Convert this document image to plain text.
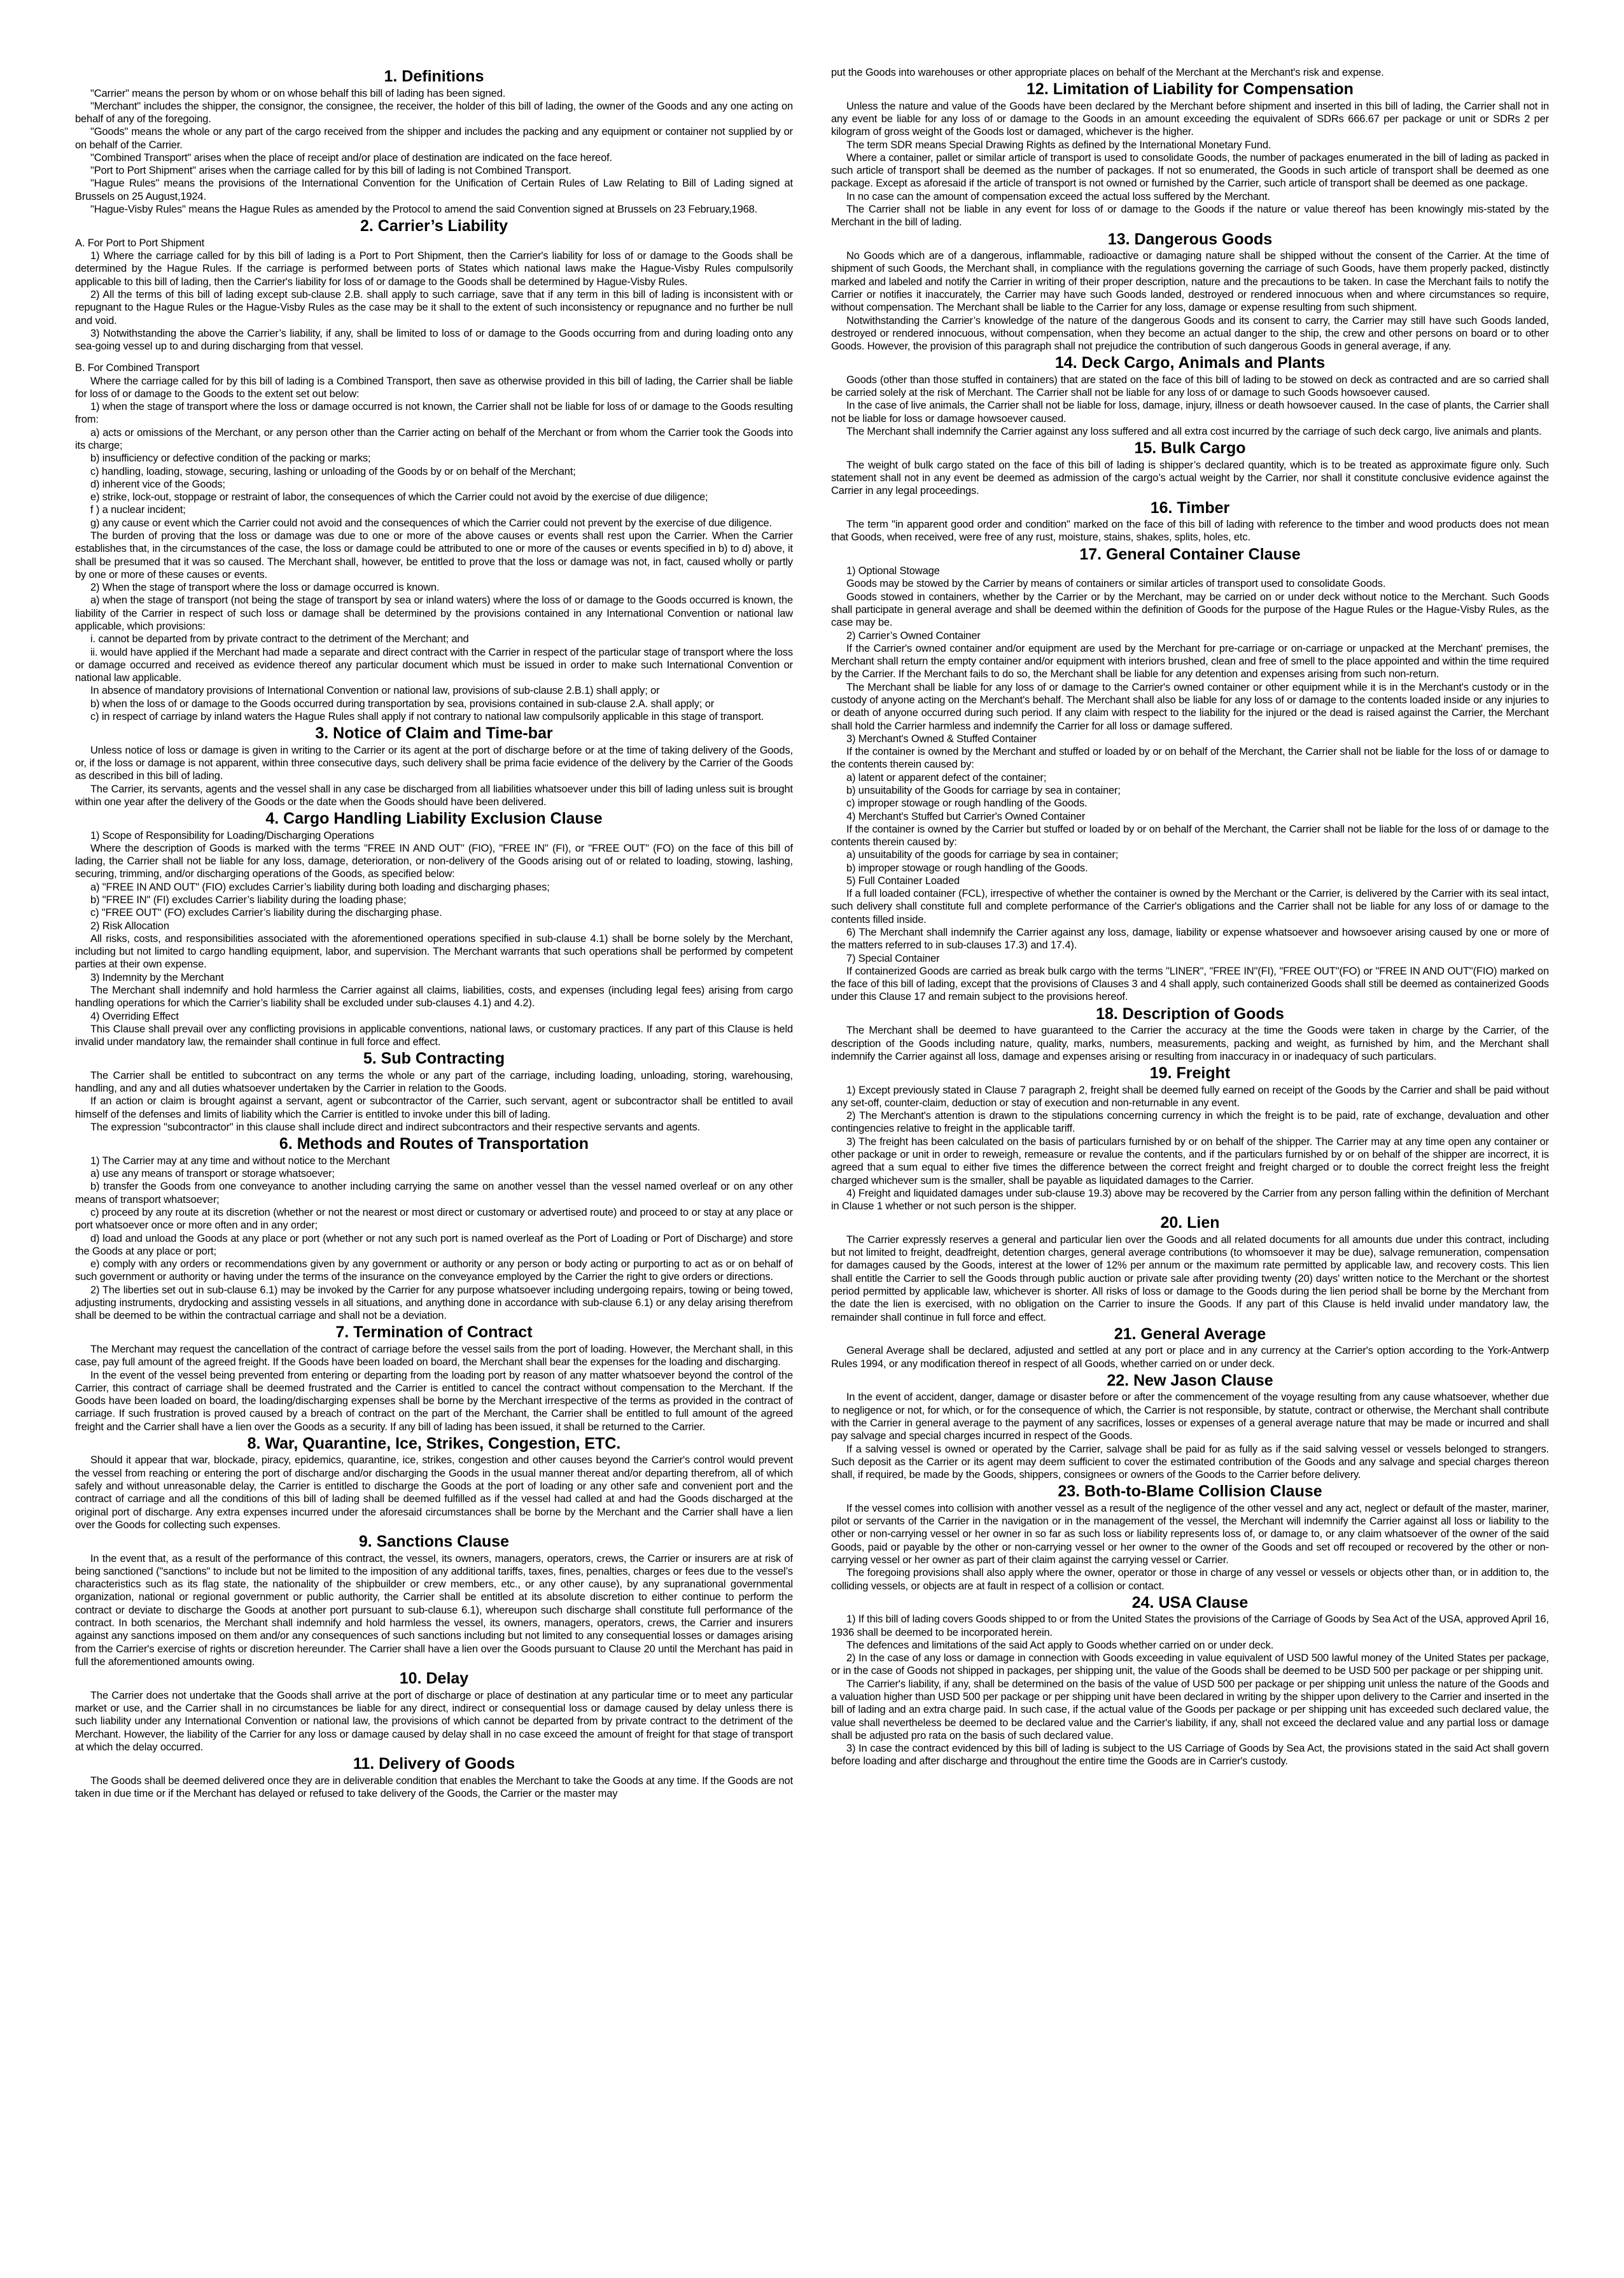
1. Definitions

"Carrier" means the person by whom or on whose behalf this bill of lading has been signed.

"Merchant" includes the shipper, the consignor, the consignee, the receiver, the holder of this bill of lading, the owner of the Goods and any one acting on behalf of any of the foregoing.

"Goods" means the whole or any part of the cargo received from the shipper and includes the packing and any equipment or container not supplied by or on behalf of the Carrier.

"Combined Transport" arises when the place of receipt and/or place of destination are indicated on the face hereof.

"Port to Port Shipment" arises when the carriage called for by this bill of lading is not Combined Transport.

"Hague Rules" means the provisions of the International Convention for the Unification of Certain Rules of Law Relating to Bill of Lading signed at Brussels on 25 August,1924.

"Hague-Visby Rules" means the Hague Rules as amended by the Protocol to amend the said Convention signed at Brussels on 23 February,1968.

2. Carrier’s Liability

A. For Port to Port Shipment

1) Where the carriage called for by this bill of lading is a Port to Port Shipment, then the Carrier's liability for loss of or damage to the Goods shall be determined by the Hague Rules. If the carriage is performed between ports of States which national laws make the Hague-Visby Rules compulsorily applicable to this bill of lading, then the Carrier's liability for loss of or damage to the Goods shall be determined by Hague-Visby Rules.

2) All the terms of this bill of lading except sub-clause 2.B. shall apply to such carriage, save that if any term in this bill of lading is inconsistent with or repugnant to the Hague Rules or the Hague-Visby Rules as the case may be it shall to the extent of such inconsistency or repugnance and no further be null and void.

3) Notwithstanding the above the Carrier’s liability, if any, shall be limited to loss of or damage to the Goods occurring from and during loading onto any sea-going vessel up to and during discharging from that vessel.

B. For Combined Transport

Where the carriage called for by this bill of lading is a Combined Transport, then save as otherwise provided in this bill of lading, the Carrier shall be liable for loss of or damage to the Goods to the extent set out below:

1) when the stage of transport where the loss or damage occurred is not known, the Carrier shall not be liable for loss of or damage to the Goods resulting from:

a) acts or omissions of the Merchant, or any person other than the Carrier acting on behalf of the Merchant or from whom the Carrier took the Goods into its charge;

b) insufficiency or defective condition of the packing or marks;

c) handling, loading, stowage, securing, lashing or unloading of the Goods by or on behalf of the Merchant;

d) inherent vice of the Goods;

e) strike, lock-out, stoppage or restraint of labor, the consequences of which the Carrier could not avoid by the exercise of due diligence;

f ) a nuclear incident;

g) any cause or event which the Carrier could not avoid and the consequences of which the Carrier could not prevent by the exercise of due diligence.

The burden of proving that the loss or damage was due to one or more of the above causes or events shall rest upon the Carrier. When the Carrier establishes that, in the circumstances of the case, the loss or damage could be attributed to one or more of the causes or events specified in b) to d) above, it shall be presumed that it was so caused. The Merchant shall, however, be entitled to prove that the loss or damage was not, in fact, caused wholly or partly by one or more of these causes or events.

2) When the stage of transport where the loss or damage occurred is known.

a) when the stage of transport (not being the stage of transport by sea or inland waters) where the loss of or damage to the Goods occurred is known, the liability of the Carrier in respect of such loss or damage shall be determined by the provisions contained in any International Convention or national law applicable, which provisions:

i. cannot be departed from by private contract to the detriment of the Merchant; and

ii. would have applied if the Merchant had made a separate and direct contract with the Carrier in respect of the particular stage of transport where the loss or damage occurred and received as evidence thereof any particular document which must be issued in order to make such International Convention or national law applicable.

In absence of mandatory provisions of International Convention or national law, provisions of sub-clause 2.B.1) shall apply; or

b) when the loss of or damage to the Goods occurred during transportation by sea, provisions contained in sub-clause 2.A. shall apply; or

c) in respect of carriage by inland waters the Hague Rules shall apply if not contrary to national law compulsorily applicable in this stage of transport.

3. Notice of Claim and Time-bar

Unless notice of loss or damage is given in writing to the Carrier or its agent at the port of discharge before or at the time of taking delivery of the Goods, or, if the loss or damage is not apparent, within three consecutive days, such delivery shall be prima facie evidence of the delivery by the Carrier of the Goods as described in this bill of lading.

The Carrier, its servants, agents and the vessel shall in any case be discharged from all liabilities whatsoever under this bill of lading unless suit is brought within one year after the delivery of the Goods or the date when the Goods should have been delivered.

4. Cargo Handling Liability Exclusion Clause

1) Scope of Responsibility for Loading/Discharging Operations

Where the description of Goods is marked with the terms "FREE IN AND OUT" (FIO), "FREE IN" (FI), or "FREE OUT" (FO) on the face of this bill of lading, the Carrier shall not be liable for any loss, damage, deterioration, or non-delivery of the Goods arising out of or related to loading, stowing, lashing, securing, trimming, and/or discharging operations of the Goods, as specified below:

a) "FREE IN AND OUT" (FIO) excludes Carrier’s liability during both loading and discharging phases;

b) "FREE IN" (FI) excludes Carrier’s liability during the loading phase;

c) "FREE OUT" (FO) excludes Carrier’s liability during the discharging phase.

2) Risk Allocation

All risks, costs, and responsibilities associated with the aforementioned operations specified in sub-clause 4.1) shall be borne solely by the Merchant, including but not limited to cargo handling equipment, labor, and supervision. The Merchant warrants that such operations shall be performed by competent parties at their own expense.

3) Indemnity by the Merchant

The Merchant shall indemnify and hold harmless the Carrier against all claims, liabilities, costs, and expenses (including legal fees) arising from cargo handling operations for which the Carrier’s liability shall be excluded under sub-clauses 4.1) and 4.2).

4) Overriding Effect

This Clause shall prevail over any conflicting provisions in applicable conventions, national laws, or customary practices. If any part of this Clause is held invalid under mandatory law, the remainder shall continue in full force and effect.

5. Sub Contracting

The Carrier shall be entitled to subcontract on any terms the whole or any part of the carriage, including loading, unloading, storing, warehousing, handling, and any and all duties whatsoever undertaken by the Carrier in relation to the Goods.

If an action or claim is brought against a servant, agent or subcontractor of the Carrier, such servant, agent or subcontractor shall be entitled to avail himself of the defenses and limits of liability which the Carrier is entitled to invoke under this bill of lading.

The expression "subcontractor" in this clause shall include direct and indirect subcontractors and their respective servants and agents.

6. Methods and Routes of Transportation

1) The Carrier may at any time and without notice to the Merchant

a) use any means of transport or storage whatsoever;

b) transfer the Goods from one conveyance to another including carrying the same on another vessel than the vessel named overleaf or on any other means of transport whatsoever;

c) proceed by any route at its discretion (whether or not the nearest or most direct or customary or advertised route) and proceed to or stay at any place or port whatsoever once or more often and in any order;

d) load and unload the Goods at any place or port (whether or not any such port is named overleaf as the Port of Loading or Port of Discharge) and store the Goods at any place or port;

e) comply with any orders or recommendations given by any government or authority or any person or body acting or purporting to act as or on behalf of such government or authority or having under the terms of the insurance on the conveyance employed by the Carrier the right to give orders or directions.

2) The liberties set out in sub-clause 6.1) may be invoked by the Carrier for any purpose whatsoever including undergoing repairs, towing or being towed, adjusting instruments, drydocking and assisting vessels in all situations, and anything done in accordance with sub-clause 6.1) or any delay arising therefrom shall be deemed to be within the contractual carriage and shall not be a deviation.

7. Termination of Contract

The Merchant may request the cancellation of the contract of carriage before the vessel sails from the port of loading. However, the Merchant shall, in this case, pay full amount of the agreed freight. If the Goods have been loaded on board, the Merchant shall bear the expenses for the loading and discharging.

In the event of the vessel being prevented from entering or departing from the loading port by reason of any matter whatsoever beyond the control of the Carrier, this contract of carriage shall be deemed frustrated and the Carrier is entitled to cancel the contract without compensation to the Merchant. If the Goods have been loaded on board, the loading/discharging expenses shall be borne by the Merchant irrespective of the terms as provided in the contract of carriage. If such frustration is proved caused by a breach of contract on the part of the Merchant, the Carrier shall be entitled to full amount of the agreed freight and the Carrier shall have a lien over the Goods as a security. If any bill of lading has been issued, it shall be returned to the Carrier.

8. War, Quarantine, Ice, Strikes, Congestion, ETC.

Should it appear that war, blockade, piracy, epidemics, quarantine, ice, strikes, congestion and other causes beyond the Carrier's control would prevent the vessel from reaching or entering the port of discharge and/or discharging the Goods in the usual manner thereat and/or departing therefrom, all of which safely and without unreasonable delay, the Carrier is entitled to discharge the Goods at the port of loading or any other safe and convenient port and the contract of carriage and all the conditions of this bill of lading shall be deemed fulfilled as if the vessel had called at and had the Goods discharged at the original port of discharge. Any extra expenses incurred under the aforesaid circumstances shall be borne by the Merchant and the Carrier shall have a lien over the Goods for collecting such expenses.

9. Sanctions Clause

In the event that, as a result of the performance of this contract, the vessel, its owners, managers, operators, crews, the Carrier or insurers are at risk of being sanctioned ("sanctions" to include but not be limited to the imposition of any additional tariffs, taxes, fines, penalties, charges or fees due to the vessel’s characteristics such as its flag state, the nationality of the shipbuilder or crew members, etc., or any other cause), by any supranational governmental organization, national or regional government or public authority, the Carrier shall be entitled at its absolute discretion to either continue to perform the contract or deviate to discharge the Goods at another port pursuant to sub-clause 6.1), whereupon such discharge shall constitute full performance of the contract. In both scenarios, the Merchant shall indemnify and hold harmless the vessel, its owners, managers, operators, crews, the Carrier and insurers against any sanctions imposed on them and/or any consequences of such sanctions including but not limited to any consequential losses or damages arising from the Carrier's exercise of rights or discretion hereunder. The Carrier shall have a lien over the Goods pursuant to Clause 20 until the Merchant has paid in full the aforementioned amounts owing.

10. Delay

The Carrier does not undertake that the Goods shall arrive at the port of discharge or place of destination at any particular time or to meet any particular market or use, and the Carrier shall in no circumstances be liable for any direct, indirect or consequential loss or damage caused by delay unless there is such liability under any International Convention or national law, the provisions of which cannot be departed from by private contract to the detriment of the Merchant. However, the liability of the Carrier for any loss or damage caused by delay shall in no case exceed the amount of freight for that stage of transport at which the delay occurred.

11. Delivery of Goods

The Goods shall be deemed delivered once they are in deliverable condition that enables the Merchant to take the Goods at any time. If the Goods are not taken in due time or if the Merchant has delayed or refused to take delivery of the Goods, the Carrier or the master may

put the Goods into warehouses or other appropriate places on behalf of the Merchant at the Merchant's risk and expense.

12. Limitation of Liability for Compensation

Unless the nature and value of the Goods have been declared by the Merchant before shipment and inserted in this bill of lading, the Carrier shall not in any event be liable for any loss of or damage to the Goods in an amount exceeding the equivalent of SDRs 666.67 per package or unit or SDRs 2 per kilogram of gross weight of the Goods lost or damaged, whichever is the higher.

The term SDR means Special Drawing Rights as defined by the International Monetary Fund.

Where a container, pallet or similar article of transport is used to consolidate Goods, the number of packages enumerated in the bill of lading as packed in such article of transport shall be deemed as the number of packages. If not so enumerated, the Goods in such article of transport shall be deemed as one package. Except as aforesaid if the article of transport is not owned or furnished by the Carrier, such article of transport shall be deemed as one package.

In no case can the amount of compensation exceed the actual loss suffered by the Merchant.

The Carrier shall not be liable in any event for loss of or damage to the Goods if the nature or value thereof has been knowingly mis-stated by the Merchant in the bill of lading.

13. Dangerous Goods

No Goods which are of a dangerous, inflammable, radioactive or damaging nature shall be shipped without the consent of the Carrier. At the time of shipment of such Goods, the Merchant shall, in compliance with the regulations governing the carriage of such Goods, have them properly packed, distinctly marked and labeled and notify the Carrier in writing of their proper description, nature and the precautions to be taken. In case the Merchant fails to notify the Carrier or notifies it inaccurately, the Carrier may have such Goods landed, destroyed or rendered innocuous when and where circumstances so require, without compensation. The Merchant shall be liable to the Carrier for any loss, damage or expense resulting from such shipment.

Notwithstanding the Carrier’s knowledge of the nature of the dangerous Goods and its consent to carry, the Carrier may still have such Goods landed, destroyed or rendered innocuous, without compensation, when they become an actual danger to the ship, the crew and other persons on board or to other Goods. However, the provision of this paragraph shall not prejudice the contribution of such dangerous Goods in general average, if any.

14. Deck Cargo, Animals and Plants

Goods (other than those stuffed in containers) that are stated on the face of this bill of lading to be stowed on deck as contracted and are so carried shall be carried solely at the risk of Merchant. The Carrier shall not be liable for any loss of or damage to such Goods howsoever caused.

In the case of live animals, the Carrier shall not be liable for loss, damage, injury, illness or death howsoever caused. In the case of plants, the Carrier shall not be liable for loss or damage howsoever caused.

The Merchant shall indemnify the Carrier against any loss suffered and all extra cost incurred by the carriage of such deck cargo, live animals and plants.

15. Bulk Cargo

The weight of bulk cargo stated on the face of this bill of lading is shipper’s declared quantity, which is to be treated as approximate figure only. Such statement shall not in any event be deemed as admission of the cargo’s actual weight by the Carrier, nor shall it constitute conclusive evidence against the Carrier in any legal proceedings.

16. Timber

The term "in apparent good order and condition" marked on the face of this bill of lading with reference to the timber and wood products does not mean that Goods, when received, were free of any rust, moisture, stains, shakes, splits, holes, etc.

17. General Container Clause

1) Optional Stowage

Goods may be stowed by the Carrier by means of containers or similar articles of transport used to consolidate Goods.

Goods stowed in containers, whether by the Carrier or by the Merchant, may be carried on or under deck without notice to the Merchant. Such Goods shall participate in general average and shall be deemed within the definition of Goods for the purpose of the Hague Rules or the Hague-Visby Rules, as the case may be.

2) Carrier’s Owned Container

If the Carrier's owned container and/or equipment are used by the Merchant for pre-carriage or on-carriage or unpacked at the Merchant' premises, the Merchant shall return the empty container and/or equipment with interiors brushed, clean and free of smell to the place appointed and within the time required by the Carrier. If the Merchant fails to do so, the Merchant shall be liable for any detention and expenses arising from such non-return.

The Merchant shall be liable for any loss of or damage to the Carrier's owned container or other equipment while it is in the Merchant's custody or in the custody of anyone acting on the Merchant's behalf. The Merchant shall also be liable for any loss of or damage to the contents loaded inside or any injuries to or death of anyone occurred during such period. If any claim with respect to the liability for the injured or the dead is raised against the Carrier, the Merchant shall hold the Carrier harmless and indemnify the Carrier for all loss or damage suffered.

3) Merchant's Owned & Stuffed Container

If the container is owned by the Merchant and stuffed or loaded by or on behalf of the Merchant, the Carrier shall not be liable for the loss of or damage to the contents therein caused by:

a) latent or apparent defect of the container;

b) unsuitability of the Goods for carriage by sea in container;

c) improper stowage or rough handling of the Goods.

4) Merchant's Stuffed but Carrier's Owned Container

If the container is owned by the Carrier but stuffed or loaded by or on behalf of the Merchant, the Carrier shall not be liable for the loss of or damage to the contents therein caused by:

a) unsuitability of the goods for carriage by sea in container;

b) improper stowage or rough handling of the Goods.

5) Full Container Loaded

If a full loaded container (FCL), irrespective of whether the container is owned by the Merchant or the Carrier, is delivered by the Carrier with its seal intact, such delivery shall constitute full and complete performance of the Carrier's obligations and the Carrier shall not be liable for any loss of or damage to the contents filled inside.

6) The Merchant shall indemnify the Carrier against any loss, damage, liability or expense whatsoever and howsoever arising caused by one or more of the matters referred to in sub-clauses 17.3) and 17.4).

7) Special Container

If containerized Goods are carried as break bulk cargo with the terms "LINER", "FREE IN"(FI), "FREE OUT"(FO) or "FREE IN AND OUT"(FIO) marked on the face of this bill of lading, except that the provisions of Clauses 3 and 4 shall apply, such containerized Goods shall still be deemed as containerized Goods under this Clause 17 and remain subject to the provisions hereof.

18. Description of Goods

The Merchant shall be deemed to have guaranteed to the Carrier the accuracy at the time the Goods were taken in charge by the Carrier, of the description of the Goods including nature, quality, marks, numbers, measurements, packing and weight, as furnished by him, and the Merchant shall indemnify the Carrier against all loss, damage and expenses arising or resulting from inaccuracy in or inadequacy of such particulars.

19. Freight

1) Except previously stated in Clause 7 paragraph 2, freight shall be deemed fully earned on receipt of the Goods by the Carrier and shall be paid without any set-off, counter-claim, deduction or stay of execution and non-returnable in any event.

2) The Merchant's attention is drawn to the stipulations concerning currency in which the freight is to be paid, rate of exchange, devaluation and other contingencies relative to freight in the applicable tariff.

3) The freight has been calculated on the basis of particulars furnished by or on behalf of the shipper. The Carrier may at any time open any container or other package or unit in order to reweigh, remeasure or revalue the contents, and if the particulars furnished by or on behalf of the shipper are incorrect, it is agreed that a sum equal to either five times the difference between the correct freight and freight charged or to double the correct freight less the freight charged whichever sum is the smaller, shall be payable as liquidated damages to the Carrier.

4) Freight and liquidated damages under sub-clause 19.3) above may be recovered by the Carrier from any person falling within the definition of Merchant in Clause 1 whether or not such person is the shipper.

20. Lien

The Carrier expressly reserves a general and particular lien over the Goods and all related documents for all amounts due under this contract, including but not limited to freight, deadfreight, detention charges, general average contributions (to whomsoever it may be due), salvage remuneration, compensation for damages caused by the Goods, interest at the lower of 12% per annum or the maximum rate permitted by applicable law, and recovery costs. This lien shall entitle the Carrier to sell the Goods through public auction or private sale after providing twenty (20) days' written notice to the Merchant or the shortest period permitted by applicable law, whichever is shorter. All risks of loss or damage to the Goods during the lien period shall be borne by the Merchant from the date the lien is exercised, with no obligation on the Carrier to insure the Goods. If any part of this Clause is held invalid under mandatory law, the remainder shall continue in full force and effect.

21. General Average

General Average shall be declared, adjusted and settled at any port or place and in any currency at the Carrier's option according to the York-Antwerp Rules 1994, or any modification thereof in respect of all Goods, whether carried on or under deck.

22. New Jason Clause

In the event of accident, danger, damage or disaster before or after the commencement of the voyage resulting from any cause whatsoever, whether due to negligence or not, for which, or for the consequence of which, the Carrier is not responsible, by statute, contract or otherwise, the Merchant shall contribute with the Carrier in general average to the payment of any sacrifices, losses or expenses of a general average nature that may be made or incurred and shall pay salvage and special charges incurred in respect of the Goods.

If a salving vessel is owned or operated by the Carrier, salvage shall be paid for as fully as if the said salving vessel or vessels belonged to strangers. Such deposit as the Carrier or its agent may deem sufficient to cover the estimated contribution of the Goods and any salvage and special charges thereon shall, if required, be made by the Goods, shippers, consignees or owners of the Goods to the Carrier before delivery.

23. Both-to-Blame Collision Clause

If the vessel comes into collision with another vessel as a result of the negligence of the other vessel and any act, neglect or default of the master, mariner, pilot or servants of the Carrier in the navigation or in the management of the vessel, the Merchant will indemnify the Carrier against all loss or liability to the other or non-carrying vessel or her owner in so far as such loss or liability represents loss of, or damage to, or any claim whatsoever of the owner of the said Goods, paid or payable by the other or non-carrying vessel or her owner to the owner of the Goods and set off recouped or recovered by the other or non-carrying vessel or her owner as part of their claim against the carrying vessel or Carrier.

The foregoing provisions shall also apply where the owner, operator or those in charge of any vessel or vessels or objects other than, or in addition to, the colliding vessels, or objects are at fault in respect of a collision or contact.

24. USA Clause

1) If this bill of lading covers Goods shipped to or from the United States the provisions of the Carriage of Goods by Sea Act of the USA, approved April 16, 1936 shall be deemed to be incorporated herein.

The defences and limitations of the said Act apply to Goods whether carried on or under deck.

2) In the case of any loss or damage in connection with Goods exceeding in value equivalent of USD 500 lawful money of the United States per package, or in the case of Goods not shipped in packages, per shipping unit, the value of the Goods shall be deemed to be USD 500 per package or per shipping unit.

The Carrier's liability, if any, shall be determined on the basis of the value of USD 500 per package or per shipping unit unless the nature of the Goods and a valuation higher than USD 500 per package or per shipping unit have been declared in writing by the shipper upon delivery to the Carrier and inserted in the bill of lading and an extra charge paid. In such case, if the actual value of the Goods per package or per shipping unit has exceeded such declared value, the value shall nevertheless be deemed to be declared value and the Carrier's liability, if any, shall not exceed the declared value and any partial loss or damage shall be adjusted pro rata on the basis of such declared value.

3) In case the contract evidenced by this bill of lading is subject to the US Carriage of Goods by Sea Act, the provisions stated in the said Act shall govern before loading and after discharge and throughout the entire time the Goods are in Carrier's custody.
